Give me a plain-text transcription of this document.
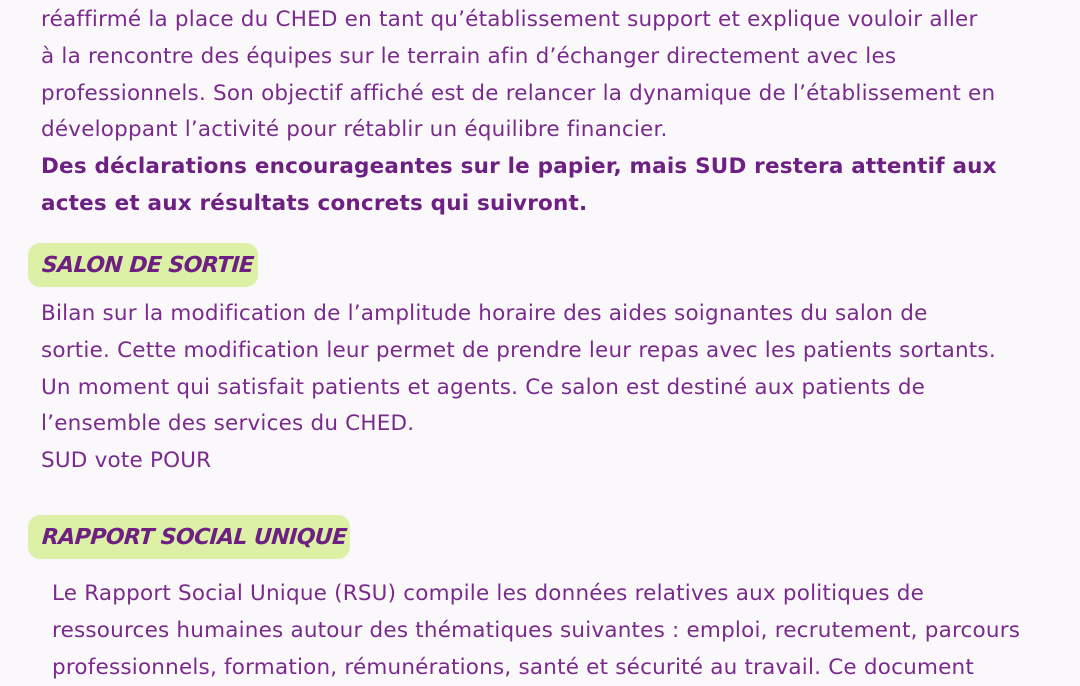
réaffirmé la place du CHED en tant qu’établissement support et explique vouloir aller
à la rencontre des équipes sur le terrain afin d’échanger directement avec les
professionnels. Son objectif affiché est de relancer la dynamique de l’établissement en
développant l’activité pour rétablir un équilibre financier.
Des déclarations encourageantes sur le papier, mais SUD restera attentif aux
actes et aux résultats concrets qui suivront.
SALON DE SORTIE
Bilan sur la modification de l’amplitude horaire des aides soignantes du salon de
sortie. Cette modification leur permet de prendre leur repas avec les patients sortants.
Un moment qui satisfait patients et agents. Ce salon est destiné aux patients de
l’ensemble des services du CHED.
SUD vote POUR
RAPPORT SOCIAL UNIQUE
Le Rapport Social Unique (RSU) compile les données relatives aux politiques de
ressources humaines autour des thématiques suivantes : emploi, recrutement, parcours
professionnels, formation, rémunérations, santé et sécurité au travail. Ce document
